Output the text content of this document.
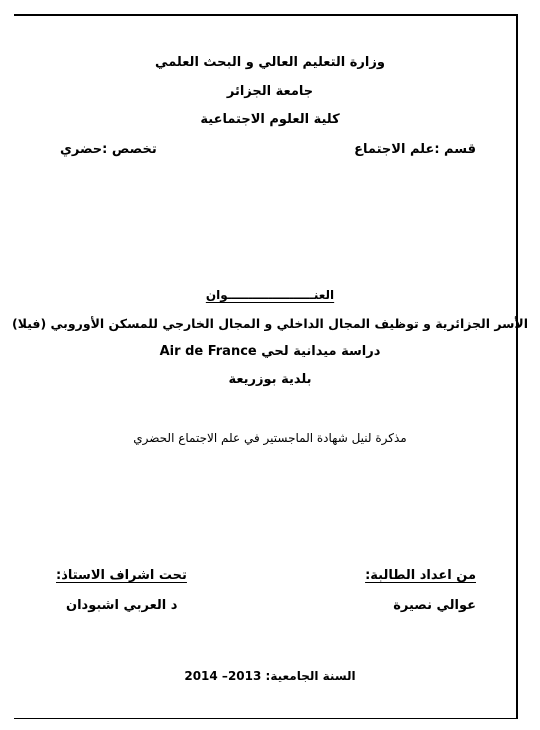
وزارة التعليم العالي و البحث العلمي
جامعة الجزائر
كلية العلوم الاجتماعية
قسم :علم الاجتماع
تخصص :حضري
العنـــــــــــــــــــــوان
الأسر الجزائرية و توظيف المجال الداخلي و المجال الخارجي للمسكن الأوروبي (فيلا)
دراسة ميدانية لحي Air de France
بلدية بوزريعة
مذكرة لنيل شهادة الماجستير في علم الاجتماع الحضري
من اعداد الطالبة:
تحت اشراف الاستاذ:
عوالي نصيرة
د العربي اشبودان
السنة الجامعية: 2013– 2014
